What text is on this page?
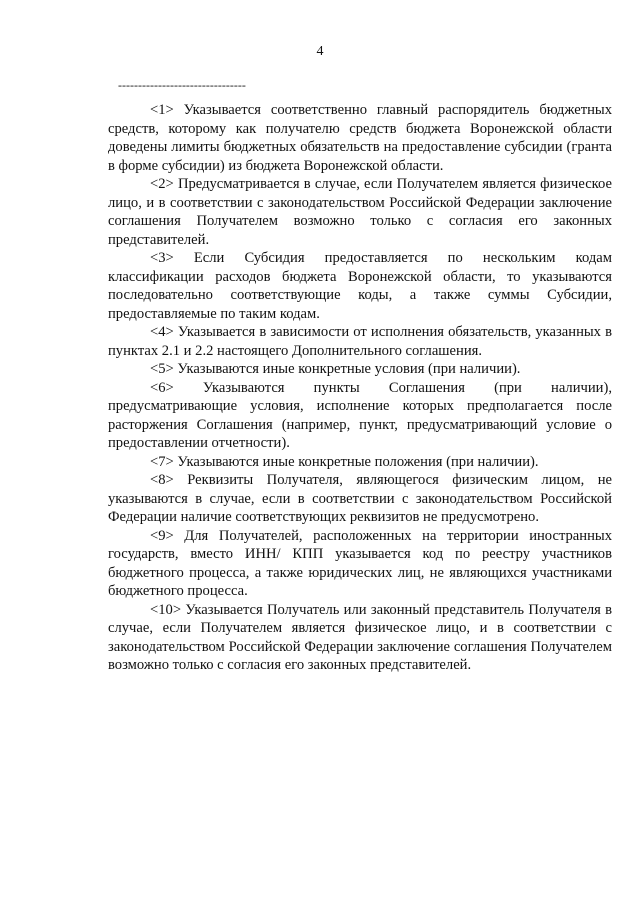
4
--------------------------------

<1> Указывается соответственно главный распорядитель бюджетных средств, которому как получателю средств бюджета Воронежской области доведены лимиты бюджетных обязательств на предоставление субсидии (гранта в форме субсидии) из бюджета Воронежской области.

<2> Предусматривается в случае, если Получателем является физическое лицо, и в соответствии с законодательством Российской Федерации заключение соглашения Получателем возможно только с согласия его законных представителей.

<3> Если Субсидия предоставляется по нескольким кодам классификации расходов бюджета Воронежской области, то указываются последовательно соответствующие коды, а также суммы Субсидии, предоставляемые по таким кодам.

<4> Указывается в зависимости от исполнения обязательств, указанных в пунктах 2.1 и 2.2 настоящего Дополнительного соглашения.

<5> Указываются иные конкретные условия (при наличии).

<6> Указываются пункты Соглашения (при наличии), предусматривающие условия, исполнение которых предполагается после расторжения Соглашения (например, пункт, предусматривающий условие о предоставлении отчетности).

<7> Указываются иные конкретные положения (при наличии).

<8> Реквизиты Получателя, являющегося физическим лицом, не указываются в случае, если в соответствии с законодательством Российской Федерации наличие соответствующих реквизитов не предусмотрено.

<9> Для Получателей, расположенных на территории иностранных государств, вместо ИНН/ КПП указывается код по реестру участников бюджетного процесса, а также юридических лиц, не являющихся участниками бюджетного процесса.

<10> Указывается Получатель или законный представитель Получателя в случае, если Получателем является физическое лицо, и в соответствии с законодательством Российской Федерации заключение соглашения Получателем возможно только с согласия его законных представителей.
